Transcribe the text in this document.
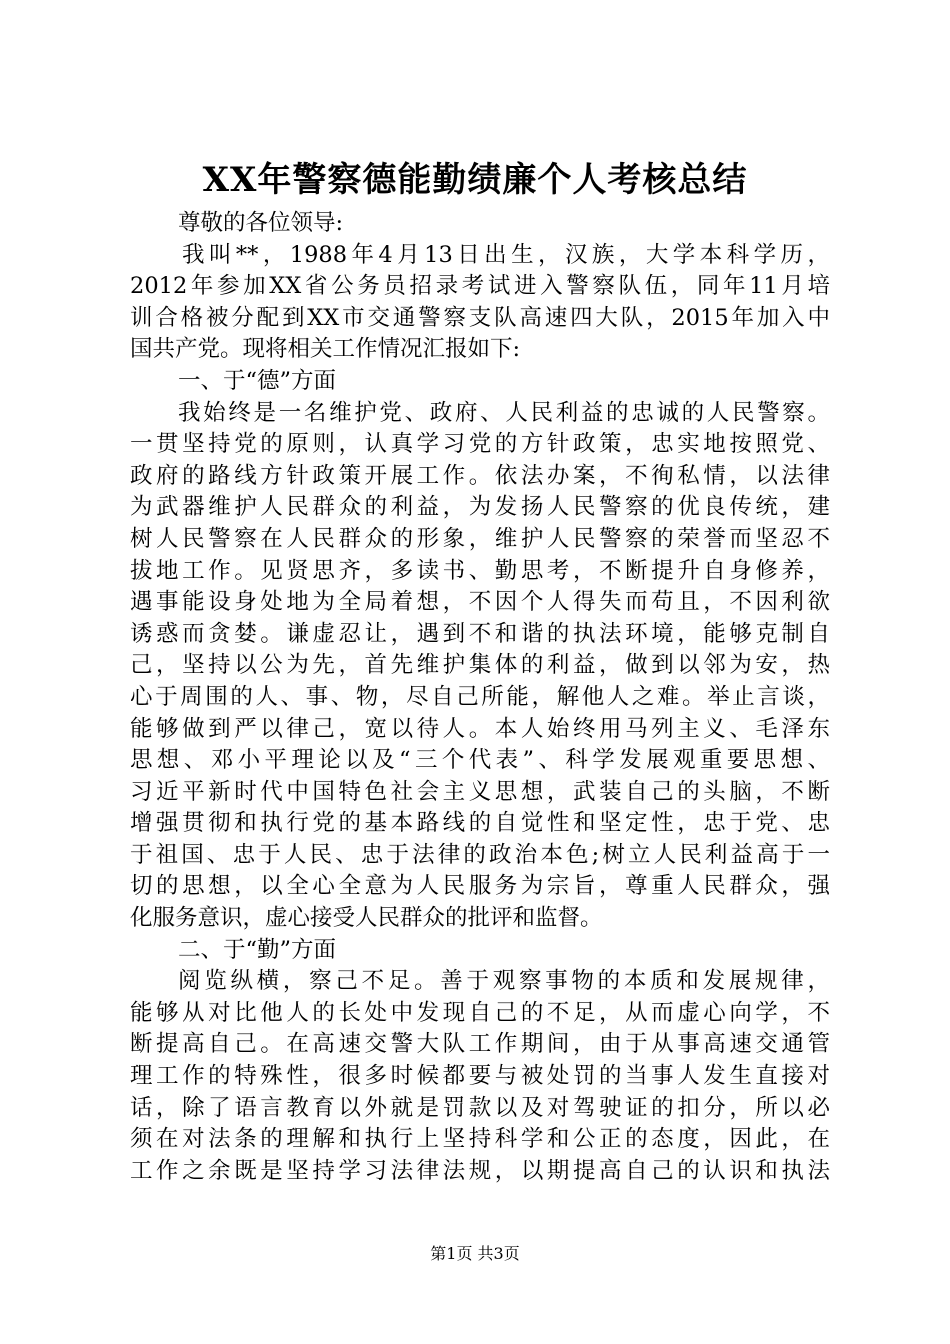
XX年警察德能勤绩廉个人考核总结
尊敬的各位领导:
我叫**，1988年4月13日出生，汉族，大学本科学历，
2012年参加XX省公务员招录考试进入警察队伍，同年11月培
训合格被分配到XX市交通警察支队高速四大队，2015年加入中
国共产党。现将相关工作情况汇报如下:
一、于“德”方面
我始终是一名维护党、政府、人民利益的忠诚的人民警察。
一贯坚持党的原则，认真学习党的方针政策，忠实地按照党、
政府的路线方针政策开展工作。依法办案，不徇私情，以法律
为武器维护人民群众的利益，为发扬人民警察的优良传统，建
树人民警察在人民群众的形象，维护人民警察的荣誉而坚忍不
拔地工作。见贤思齐，多读书、勤思考，不断提升自身修养，
遇事能设身处地为全局着想，不因个人得失而苟且，不因利欲
诱惑而贪婪。谦虚忍让，遇到不和谐的执法环境，能够克制自
己，坚持以公为先，首先维护集体的利益，做到以邻为安，热
心于周围的人、事、物，尽自己所能，解他人之难。举止言谈，
能够做到严以律己，宽以待人。本人始终用马列主义、毛泽东
思想、邓小平理论以及“三个代表”、科学发展观重要思想、
习近平新时代中国特色社会主义思想，武装自己的头脑，不断
增强贯彻和执行党的基本路线的自觉性和坚定性，忠于党、忠
于祖国、忠于人民、忠于法律的政治本色;树立人民利益高于一
切的思想，以全心全意为人民服务为宗旨，尊重人民群众，强
化服务意识，虚心接受人民群众的批评和监督。
二、于“勤”方面
阅览纵横，察己不足。善于观察事物的本质和发展规律，
能够从对比他人的长处中发现自己的不足，从而虚心向学，不
断提高自己。在高速交警大队工作期间，由于从事高速交通管
理工作的特殊性，很多时候都要与被处罚的当事人发生直接对
话，除了语言教育以外就是罚款以及对驾驶证的扣分，所以必
须在对法条的理解和执行上坚持科学和公正的态度，因此，在
工作之余既是坚持学习法律法规，以期提高自己的认识和执法
第1页 共3页
